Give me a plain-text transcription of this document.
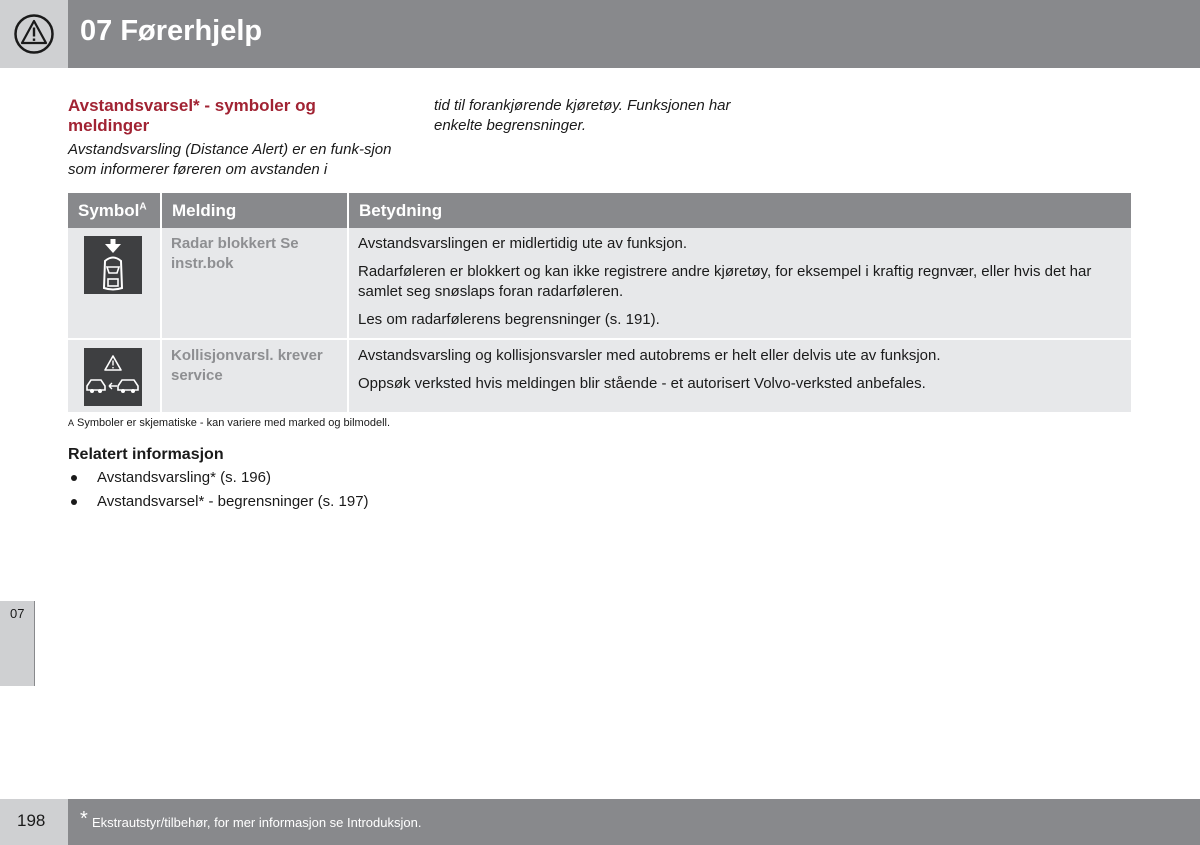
07 Førerhjelp
Avstandsvarsel* - symboler og meldinger

Avstandsvarsling (Distance Alert) er en funk-sjon som informerer føreren om avstanden i

tid til forankjørende kjøretøy. Funksjonen har enkelte begrensninger.

Symbol$^A$	Melding	Betydning
	Radar blokkert Se instr.bok	Avstandsvarslingen er midlertidig ute av funksjon.

Radarføleren er blokkert og kan ikke registrere andre kjøretøy, for eksempel i kraftig regnvær, eller hvis det har samlet seg snøslaps foran radarføleren.

Les om radarfølerens begrensninger (s. 191).

	Kollisjonvarsl. krever service	Avstandsvarsling og kollisjonsvarsler med autobrems er helt eller delvis ute av funksjon.

Oppsøk verksted hvis meldingen blir stående - et autorisert Volvo-verksted anbefales.

A Symboler er skjematiske - kan variere med marked og bilmodell.
Relatert informasjon
Avstandsvarsling* (s. 196)
Avstandsvarsel* - begrensninger (s. 197)
07
198 * Ekstrautstyr/tilbehør, for mer informasjon se Introduksjon.
